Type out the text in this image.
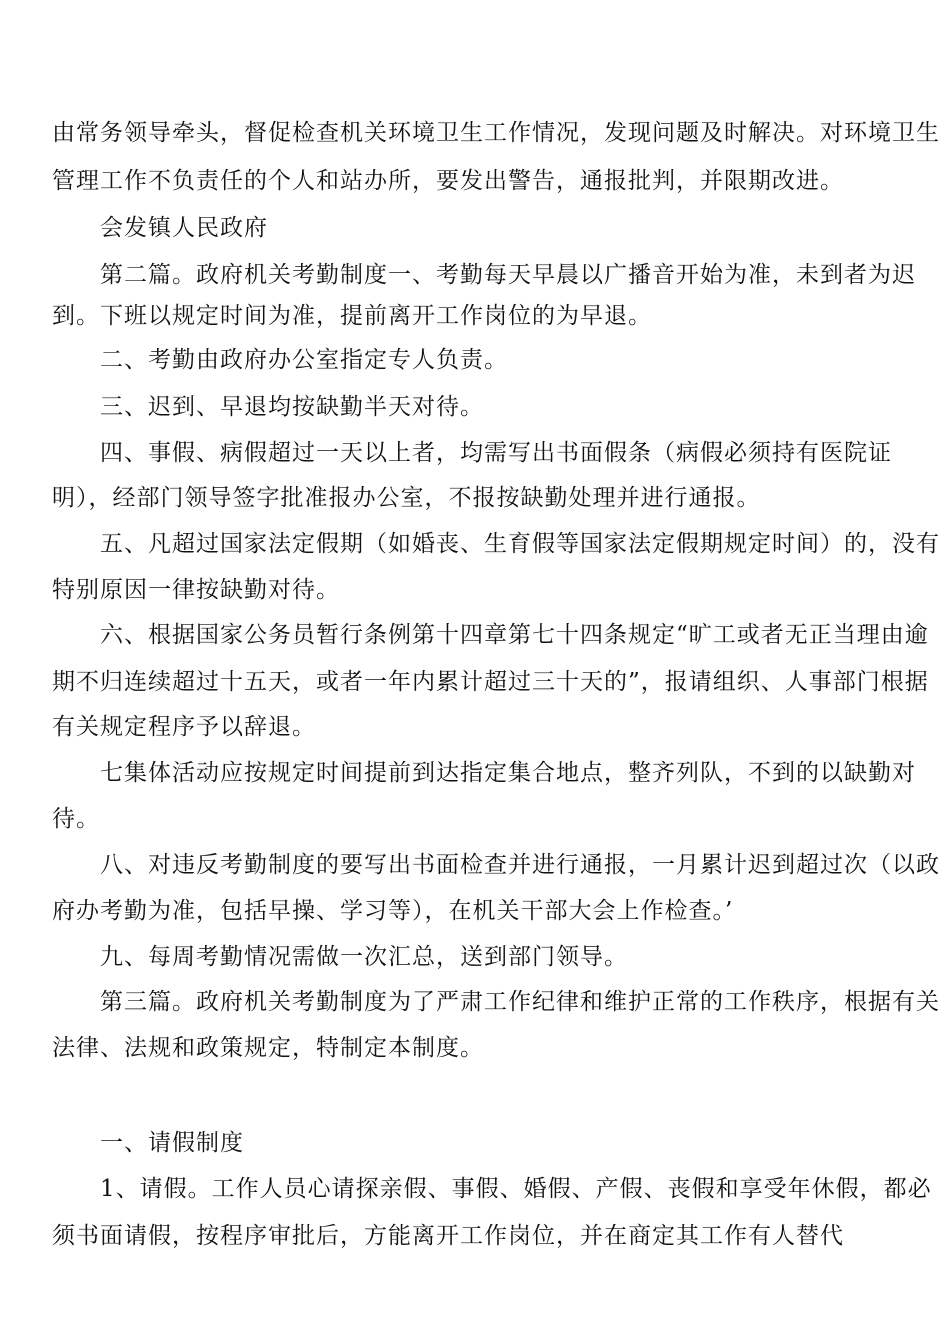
由常务领导牵头，督促检查机关环境卫生工作情况，发现问题及时解决。对环境卫生
管理工作不负责任的个人和站办所，要发出警告，通报批判，并限期改进。
会发镇人民政府
第二篇。政府机关考勤制度一、考勤每天早晨以广播音开始为准，未到者为迟
到。下班以规定时间为准，提前离开工作岗位的为早退。
二、考勤由政府办公室指定专人负责。
三、迟到、早退均按缺勤半天对待。
四、事假、病假超过一天以上者，均需写出书面假条（病假必须持有医院证
明），经部门领导签字批准报办公室，不报按缺勤处理并进行通报。
五、凡超过国家法定假期（如婚丧、生育假等国家法定假期规定时间）的，没有
特别原因一律按缺勤对待。
六、根据国家公务员暂行条例第十四章第七十四条规定“旷工或者无正当理由逾
期不归连续超过十五天，或者一年内累计超过三十天的”，报请组织、人事部门根据
有关规定程序予以辞退。
七集体活动应按规定时间提前到达指定集合地点，整齐列队，不到的以缺勤对
待。
八、对违反考勤制度的要写出书面检查并进行通报，一月累计迟到超过次（以政
府办考勤为准，包括早操、学习等），在机关干部大会上作检查。’
九、每周考勤情况需做一次汇总，送到部门领导。
第三篇。政府机关考勤制度为了严肃工作纪律和维护正常的工作秩序，根据有关
法律、法规和政策规定，特制定本制度。
一、请假制度
1、请假。工作人员心请探亲假、事假、婚假、产假、丧假和享受年休假，都必
须书面请假，按程序审批后，方能离开工作岗位，并在商定其工作有人替代
